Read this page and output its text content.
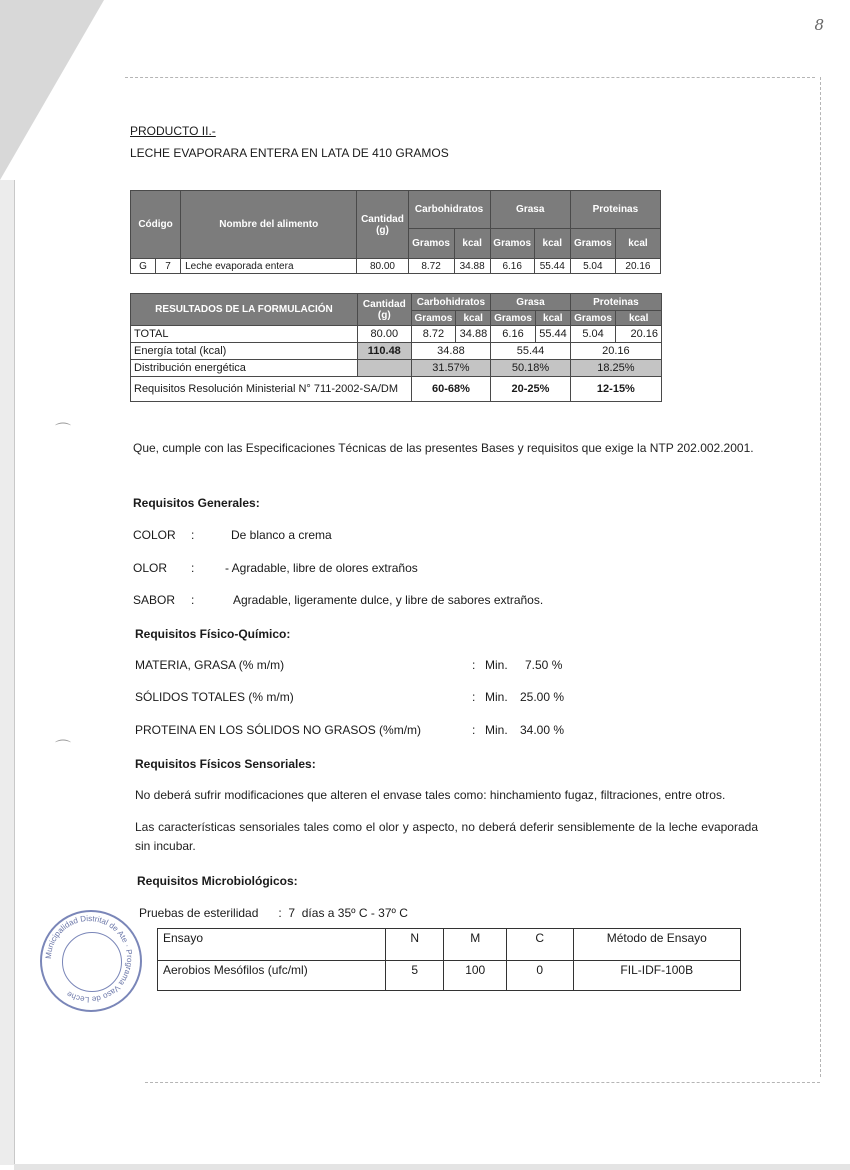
8
PRODUCTO II.-
LECHE EVAPORARA ENTERA EN LATA DE 410 GRAMOS
Código		Nombre del alimento	Cantidad (g)	Carbohidratos		Grasa		Proteinas	
				Gramos	kcal	Gramos	kcal	Gramos	kcal
G	7	Leche evaporada entera	80.00	8.72	34.88	6.16	55.44	5.04	20.16
RESULTADOS DE LA FORMULACIÓN	Cantidad (g)	Carbohidratos		Grasa		Proteinas	
		Gramos	kcal	Gramos	kcal	Gramos	kcal
TOTAL	80.00	8.72	34.88	6.16	55.44	5.04	20.16
Energía total (kcal)	110.48	34.88		55.44		20.16	
Distribución energética		31.57%		50.18%		18.25%	
Requisitos Resolución Ministerial N° 711-2002-SA/DM		60-68%		20-25%		12-15%	
⌒
⌒

Que, cumple con las Especificaciones Técnicas de las presentes Bases y requisitos que exige la NTP 202.002.2001.

Requisitos Generales:
COLOR :	De blanco a crema
OLOR :	- Agradable, libre de olores extraños
SABOR :	Agradable, ligeramente dulce, y libre de sabores extraños.
Requisitos Físico-Químico:
MATERIA, GRASA (% m/m)	: Min. 7.50 %
SÓLIDOS TOTALES (% m/m)	: Min. 25.00 %
PROTEINA EN LOS SÓLIDOS NO GRASOS (%m/m)	: Min. 34.00 %
Requisitos Físicos Sensoriales:

No deberá sufrir modificaciones que alteren el envase tales como: hinchamiento fugaz, filtraciones, entre otros.

Las características sensoriales tales como el olor y aspecto, no deberá deferir sensiblemente de la leche evaporada sin incubar.

Requisitos Microbiológicos:
Pruebas de esterilidad      :  7  días a 35º C - 37º C
Ensayo	N	M	C	Método de Ensayo
Aerobios Mesófilos (ufc/ml)	5	100	0	FIL-IDF-100B
Municipalidad Distrital de Ate · Programa Vaso de Leche
